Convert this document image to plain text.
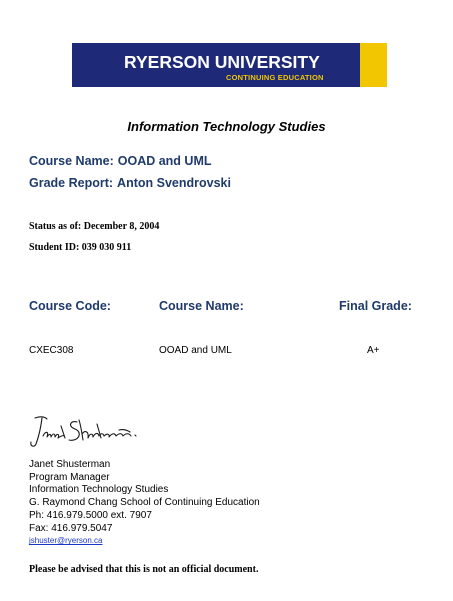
RYERSON UNIVERSITY
CONTINUING EDUCATION
Information Technology Studies
Course Name: OOAD and UML
Grade Report: Anton Svendrovski
Status as of: December 8, 2004
Student ID: 039 030 911
Course Code:	Course Name:	Final Grade:
CXEC308	OOAD and UML	A+
Janet Shusterman
Program Manager
Information Technology Studies
G. Raymond Chang School of Continuing Education
Ph: 416.979.5000 ext. 7907
Fax: 416.979.5047
jshuster@ryerson.ca
Please be advised that this is not an official document.
